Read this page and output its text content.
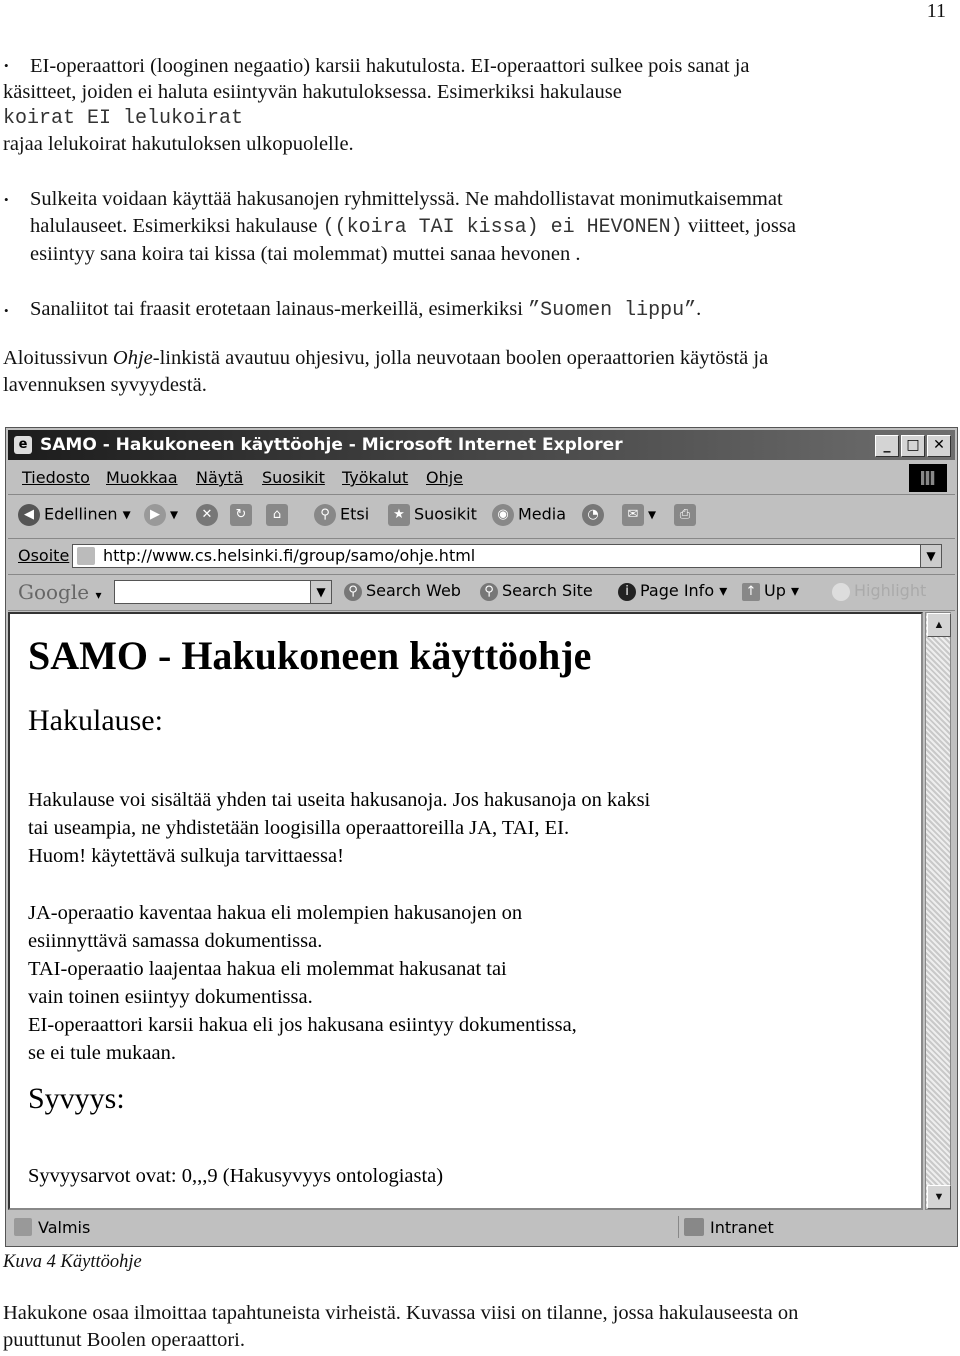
11
• EI-operaattori (looginen negaatio) karsii hakutulosta. EI-operaattori sulkee pois sanat ja
käsitteet, joiden ei haluta esiintyvän hakutuloksessa. Esimerkiksi hakulause
koirat EI lelukoirat
rajaa lelukoirat hakutuloksen ulkopuolelle.
• Sulkeita voidaan käyttää hakusanojen ryhmittelyssä. Ne mahdollistavat monimutkaisemmat
halulauseet. Esimerkiksi hakulause ((koira TAI kissa) ei HEVONEN) viitteet, jossa
esiintyy sana koira tai kissa (tai molemmat) muttei sanaa hevonen .
• Sanaliitot tai fraasit erotetaan lainaus-merkeillä, esimerkiksi ”Suomen lippu”.
Aloitussivun Ohje-linkistä avautuu ohjesivu, jolla neuvotaan boolen operaattorien käytöstä ja
lavennuksen syvyydestä.
e SAMO - Hakukoneen käyttöohje - Microsoft Internet Explorer	_	□ ✕
Tiedosto Muokkaa Näytä Suosikit Työkalut Ohje
◀ Edellinen ▾	▶ ▾	✕	↻	⌂	⚲ Etsi	★ Suosikit	◉ Media	◔	✉ ▾	⎙
Osoite http://www.cs.helsinki.fi/group/samo/ohje.html	▼
Google ▾	▼	⚲ Search Web	⚲ Search Site	i Page Info ▾ ↑ Up ▾	Highlight
SAMO - Hakukoneen käyttöohje
Hakulause:
Hakulause voi sisältää yhden tai useita hakusanoja. Jos hakusanoja on kaksi
tai useampia, ne yhdistetään loogisilla operaattoreilla JA, TAI, EI.
Huom! käytettävä sulkuja tarvittaessa!
JA-operaatio kaventaa hakua eli molempien hakusanojen on
esiinnyttävä samassa dokumentissa.
TAI-operaatio laajentaa hakua eli molemmat hakusanat tai
vain toinen esiintyy dokumentissa.
EI-operaattori karsii hakua eli jos hakusana esiintyy dokumentissa,
se ei tule mukaan.
Syvyys:
Syvyysarvot ovat: 0,,,9 (Hakusyvyys ontologiasta)
▲
▼
Valmis	Intranet
Kuva 4 Käyttöohje
Hakukone osaa ilmoittaa tapahtuneista virheistä. Kuvassa viisi on tilanne, jossa hakulauseesta on
puuttunut Boolen operaattori.
